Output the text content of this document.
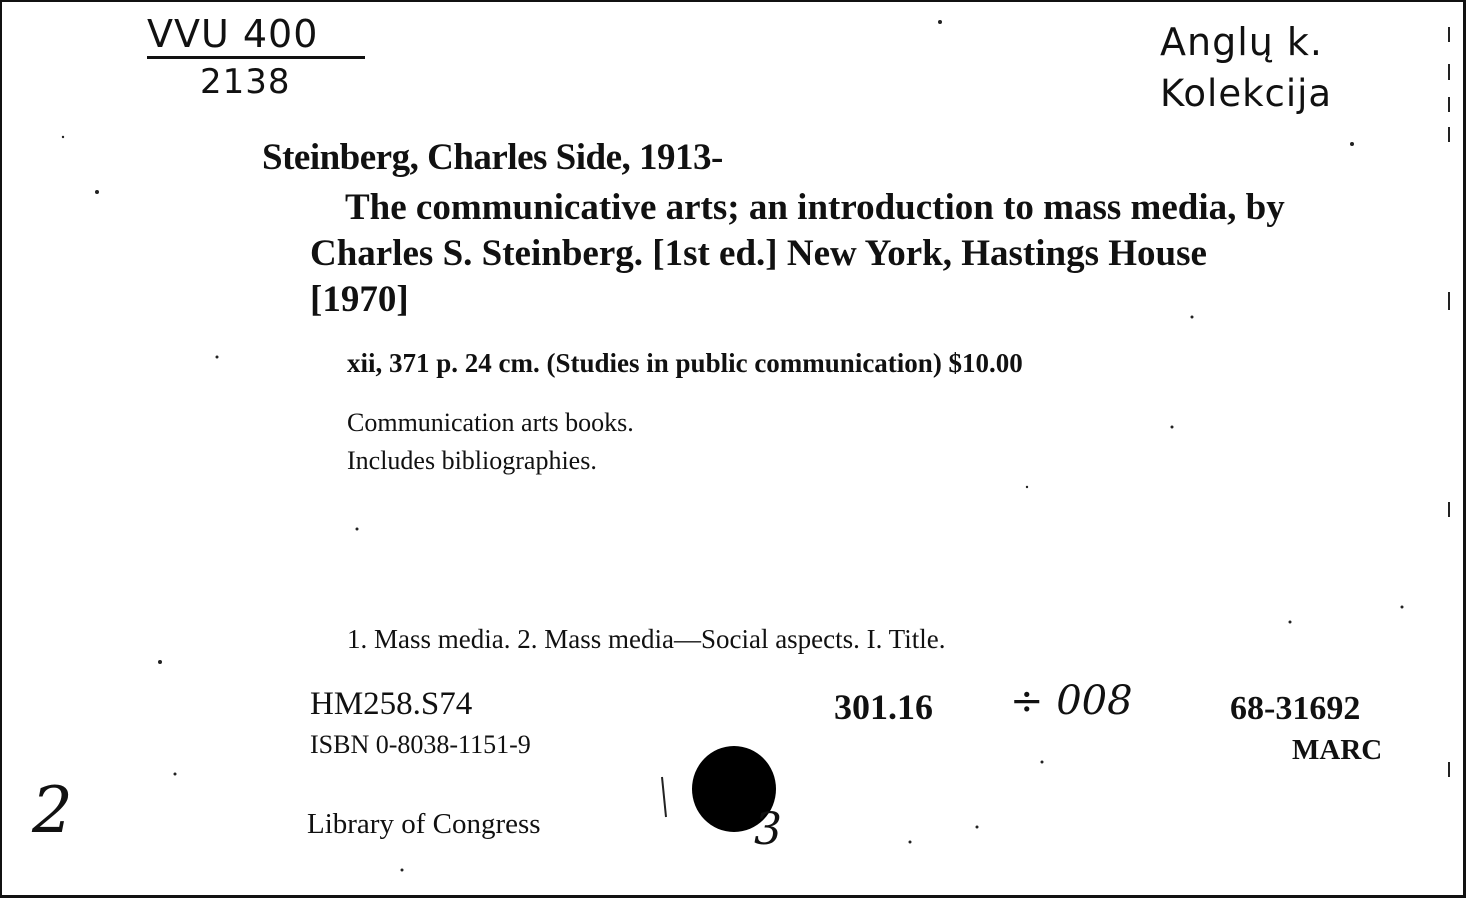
VVU 400
2138
Anglų k.
Kolekcija
Steinberg, Charles Side, 1913-
The communicative arts; an introduction to mass media, by
Charles S. Steinberg. [1st ed.] New York, Hastings House
[1970]
xii, 371 p. 24 cm. (Studies in public communication) $10.00
Communication arts books.
Includes bibliographies.
1. Mass media. 2. Mass media—Social aspects. I. Title.
HM258.S74
ISBN 0-8038-1151-9
301.16 ÷ 008	68-31692
MARC
Library of Congress
2	3
